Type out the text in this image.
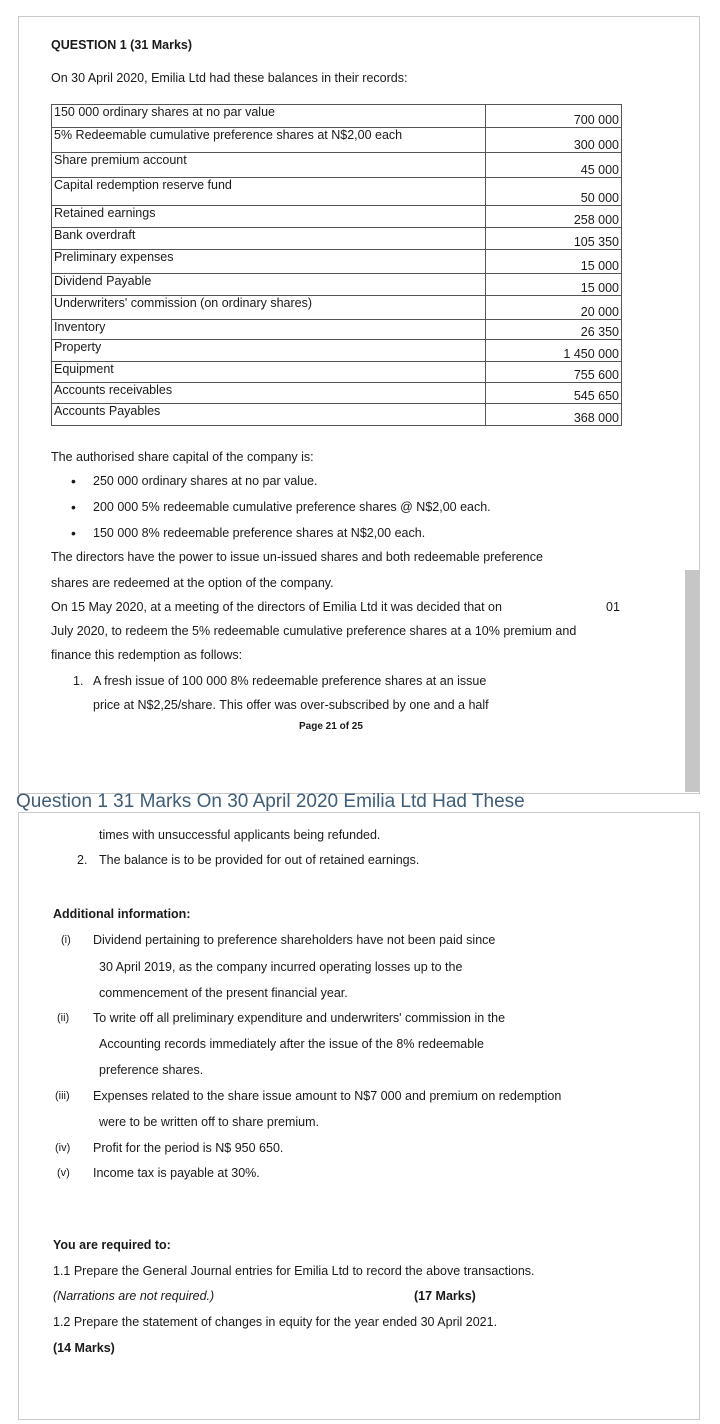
QUESTION 1 (31 Marks)
On 30 April 2020, Emilia Ltd had these balances in their records:
150 000 ordinary shares at no par value	700 000
5% Redeemable cumulative preference shares at N$2,00 each	300 000
Share premium account	45 000
Capital redemption reserve fund	50 000
Retained earnings	258 000
Bank overdraft	105 350
Preliminary expenses	15 000
Dividend Payable	15 000
Underwriters' commission (on ordinary shares)	20 000
Inventory	26 350
Property	1 450 000
Equipment	755 600
Accounts receivables	545 650
Accounts Payables	368 000
The authorised share capital of the company is:
• 250 000 ordinary shares at no par value.
• 200 000 5% redeemable cumulative preference shares @ N$2,00 each.
• 150 000 8% redeemable preference shares at N$2,00 each.
The directors have the power to issue un-issued shares and both redeemable preference
shares are redeemed at the option of the company.
On 15 May 2020, at a meeting of the directors of Emilia Ltd it was decided that on	01
July 2020, to redeem the 5% redeemable cumulative preference shares at a 10% premium and
finance this redemption as follows:
1. A fresh issue of 100 000 8% redeemable preference shares at an issue
price at N$2,25/share. This offer was over-subscribed by one and a half
Page 21 of 25
Question 1 31 Marks On 30 April 2020 Emilia Ltd Had These
times with unsuccessful applicants being refunded.
2. The balance is to be provided for out of retained earnings.
Additional information:
(i) Dividend pertaining to preference shareholders have not been paid since
30 April 2019, as the company incurred operating losses up to the
commencement of the present financial year.
(ii) To write off all preliminary expenditure and underwriters' commission in the
Accounting records immediately after the issue of the 8% redeemable
preference shares.
(iii) Expenses related to the share issue amount to N$7 000 and premium on redemption
were to be written off to share premium.
(iv) Profit for the period is N$ 950 650.
(v) Income tax is payable at 30%.
You are required to:
1.1 Prepare the General Journal entries for Emilia Ltd to record the above transactions.
(Narrations are not required.)	(17 Marks)
1.2 Prepare the statement of changes in equity for the year ended 30 April 2021.
(14 Marks)
